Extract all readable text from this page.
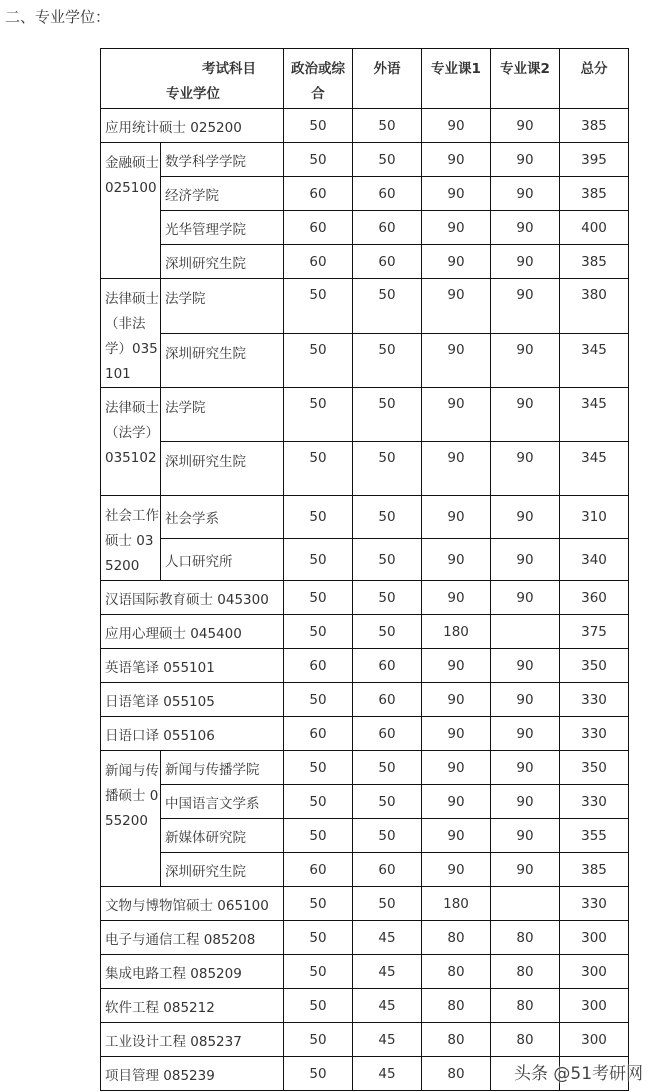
二、专业学位：
考试科目
专业学位		政治或综合	外语	专业课1	专业课2	总分
应用统计硕士 025200		50	50	90	90	385
金融硕士 025100	数学科学学院	50	50	90	90	395
	经济学院	60	60	90	90	385
	光华管理学院	60	60	90	90	400
	深圳研究生院	60	60	90	90	385
法律硕士（非法学）035101	法学院	50	50	90	90	380
	深圳研究生院	50	50	90	90	345
法律硕士（法学）035102	法学院	50	50	90	90	345
	深圳研究生院	50	50	90	90	345
社会工作硕士 035200	社会学系	50	50	90	90	310
	人口研究所	50	50	90	90	340
汉语国际教育硕士 045300		50	50	90	90	360
应用心理硕士 045400		50	50	180		375
英语笔译 055101		60	60	90	90	350
日语笔译 055105		50	60	90	90	330
日语口译 055106		60	60	90	90	330
新闻与传播硕士 055200	新闻与传播学院	50	50	90	90	350
	中国语言文学系	50	50	90	90	330
	新媒体研究院	50	50	90	90	355
	深圳研究生院	60	60	90	90	385
文物与博物馆硕士 065100		50	50	180		330
电子与通信工程 085208		50	45	80	80	300
集成电路工程 085209		50	45	80	80	300
软件工程 085212		50	45	80	80	300
工业设计工程 085237		50	45	80	80	300
项目管理 085239		50	45	80			头条 @51考研网
